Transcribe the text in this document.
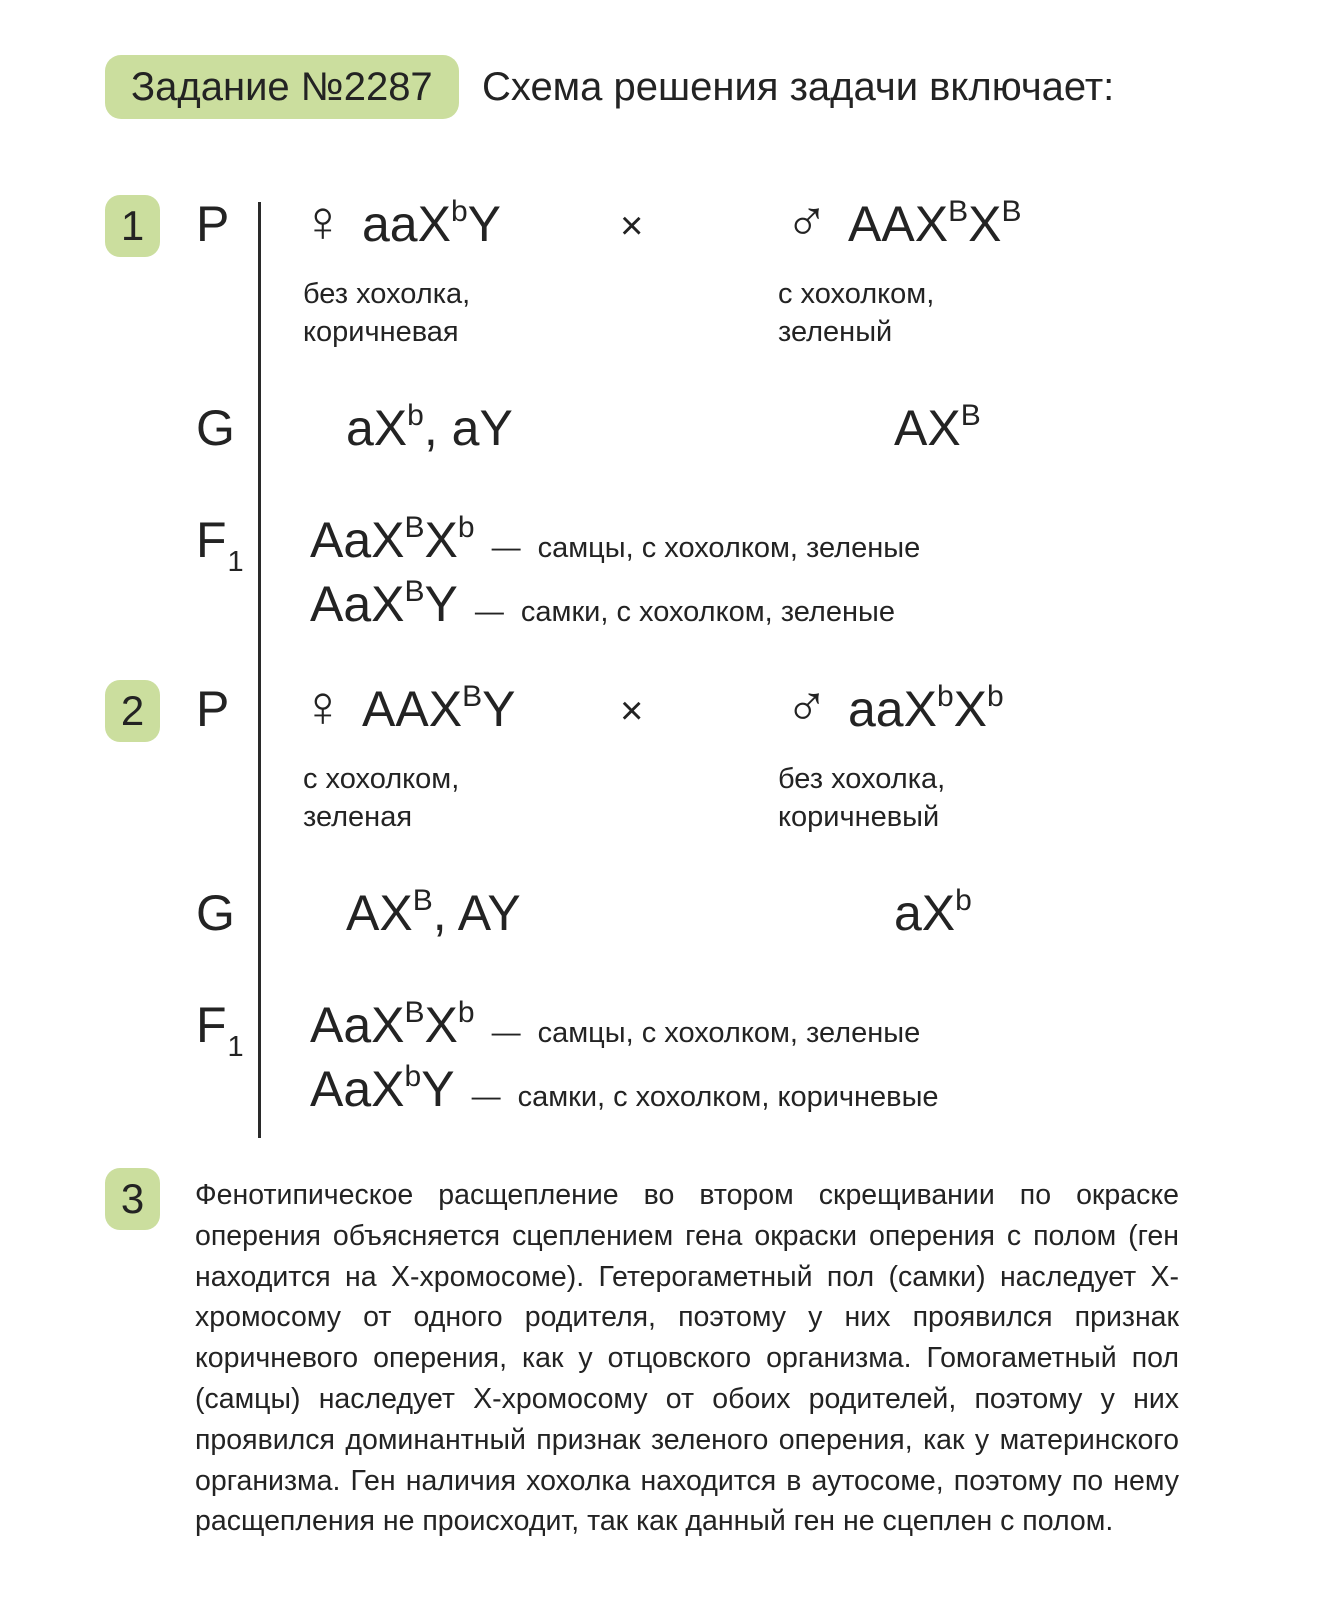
Задание №2287	Схема решения задачи включает:
1	P ♀ aaX$^b$Y	× ♂ $AAX^BX^B$
без хохолка,
коричневая
с хохолком,
зеленый
G $aX^b$, aY	$AX^B$
$F_1$ $AaX^BX^b$
— самцы, с хохолком, зеленые
AaX$^B$Y — самки, с хохолком, зеленые
2	P ♀ $AAX^BY$	× ♂ $aaX^bX^b$
с хохолком,
зеленая
без хохолка,
коричневый
G $AX^B$, AY	$aX^b$
$F_1$ $AaX^BX^b$
— самцы, с хохолком, зеленые
AaX$^b$Y — самки, с хохолком, коричневые
3	Фенотипическое расщепление во втором скрещивании по окраске оперения объясняется сцеплением гена окраски оперения с полом (ген находится на Х-хромосоме). Гетерогаметный пол (самки) наследует Х-хромосому от одного родителя, поэтому у них проявился признак коричневого оперения, как у отцовского организма. Гомогаметный пол (самцы) наследует Х-хромосому от обоих родителей, поэтому у них проявился доминантный признак зеленого оперения, как у материнского организма. Ген наличия хохолка находится в аутосоме, поэтому по нему расщепления не происходит, так как данный ген не сцеплен с полом.
